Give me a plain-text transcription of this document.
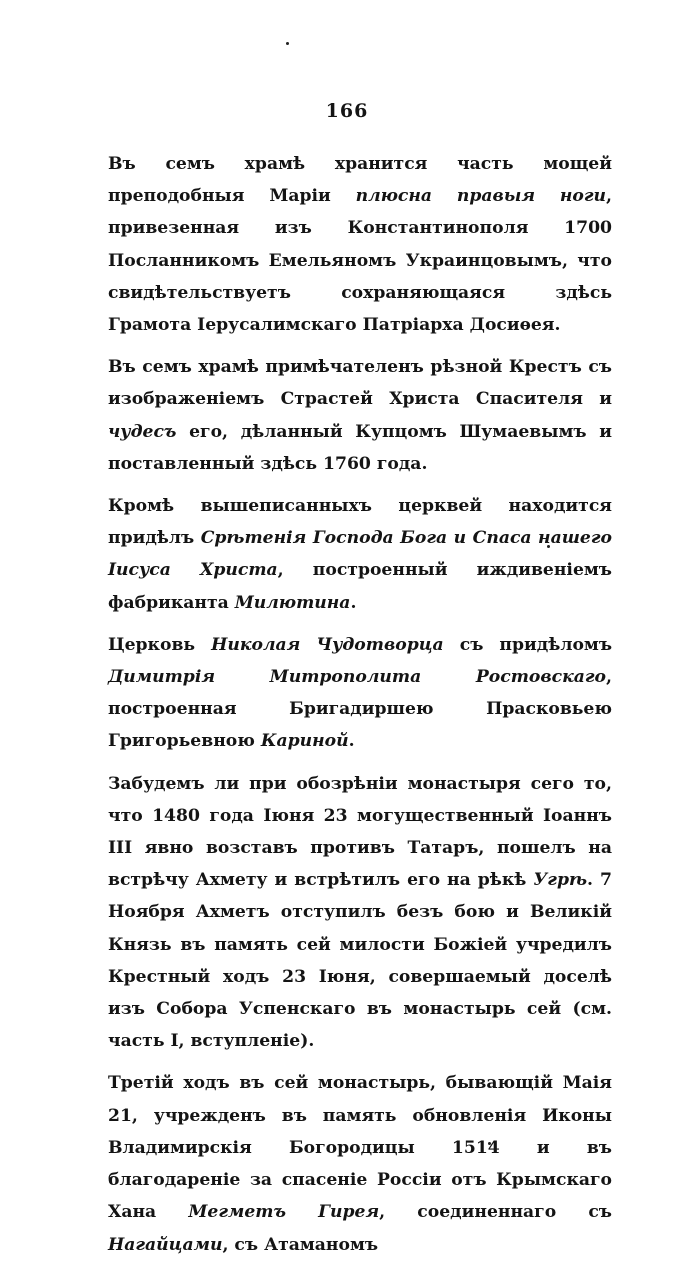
166

Въ семъ храмѣ хранится часть мощей преподобныя Маріи плюсна правыя ноги, привезенная изъ Константинополя 1700 Посланникомъ Емельяномъ Украинцовымъ, что свидѣтельствуетъ сохраняющаяся здѣсь Грамота Іерусалимскаго Патріарха Досиѳея.

Въ семъ храмѣ примѣчателенъ рѣзной Крестъ съ изображеніемъ Страстей Христа Спасителя и чудесъ его, дѣланный Купцомъ Шумаевымъ и поставленный здѣсь 1760 года.

Кромѣ вышеписанныхъ церквей находится придѣлъ Срѣтенія Господа Бога и Спаса нашего Іисуса Христа, построенный иждивеніемъ фабриканта Милютина.

Церковь Николая Чудотворца съ придѣломъ Димитрія Митрополита Ростовскаго, построенная Бригадиршею Прасковьею Григорьевною Кариной.

Забудемъ ли при обозрѣніи монастыря сего то, что 1480 года Іюня 23 могущественный Іоаннъ III явно возставъ противъ Татаръ, пошелъ на встрѣчу Ахмету и встрѣтилъ его на рѣкѣ Угрѣ. 7 Ноября Ахметъ отступилъ безъ бою и Великій Князь въ память сей милости Божіей учредилъ Крестный ходъ 23 Іюня, совершаемый доселѣ изъ Собора Успенскаго въ монастырь сей (см. часть I, вступленіе).

Третій ходъ въ сей монастырь, бывающій Маія 21, учрежденъ въ память обновленія Иконы Владимирскія Богородицы 1514 и въ благодареніе за спасеніе Россіи отъ Крымскаго Хана Мегметъ Гирея, соединеннаго съ Нагайцами, съ Атаманомъ
